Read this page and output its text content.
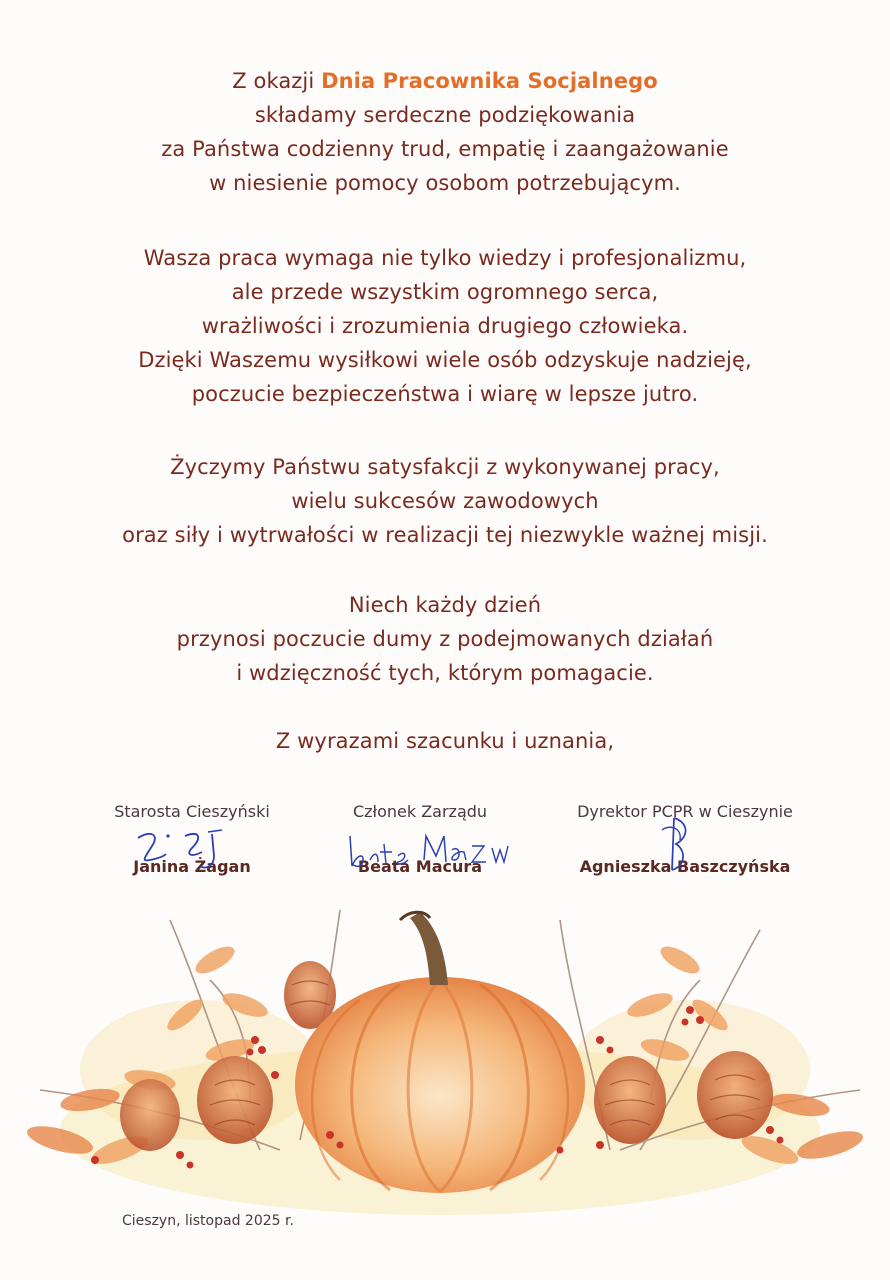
Z okazji Dnia Pracownika Socjalnego
składamy serdeczne podziękowania
za Państwa codzienny trud, empatię i zaangażowanie
w niesienie pomocy osobom potrzebującym.
Wasza praca wymaga nie tylko wiedzy i profesjonalizmu,
ale przede wszystkim ogromnego serca,
wrażliwości i zrozumienia drugiego człowieka.
Dzięki Waszemu wysiłkowi wiele osób odzyskuje nadzieję,
poczucie bezpieczeństwa i wiarę w lepsze jutro.
Życzymy Państwu satysfakcji z wykonywanej pracy,
wielu sukcesów zawodowych
oraz siły i wytrwałości w realizacji tej niezwykle ważnej misji.
Niech każdy dzień
przynosi poczucie dumy z podejmowanych działań
i wdzięczność tych, którym pomagacie.
Z wyrazami szacunku i uznania,
Starosta Cieszyński
Janina Żagan
Członek Zarządu
Beata Macura
Dyrektor PCPR w Cieszynie
Agnieszka Baszczyńska
Cieszyn, listopad 2025 r.
